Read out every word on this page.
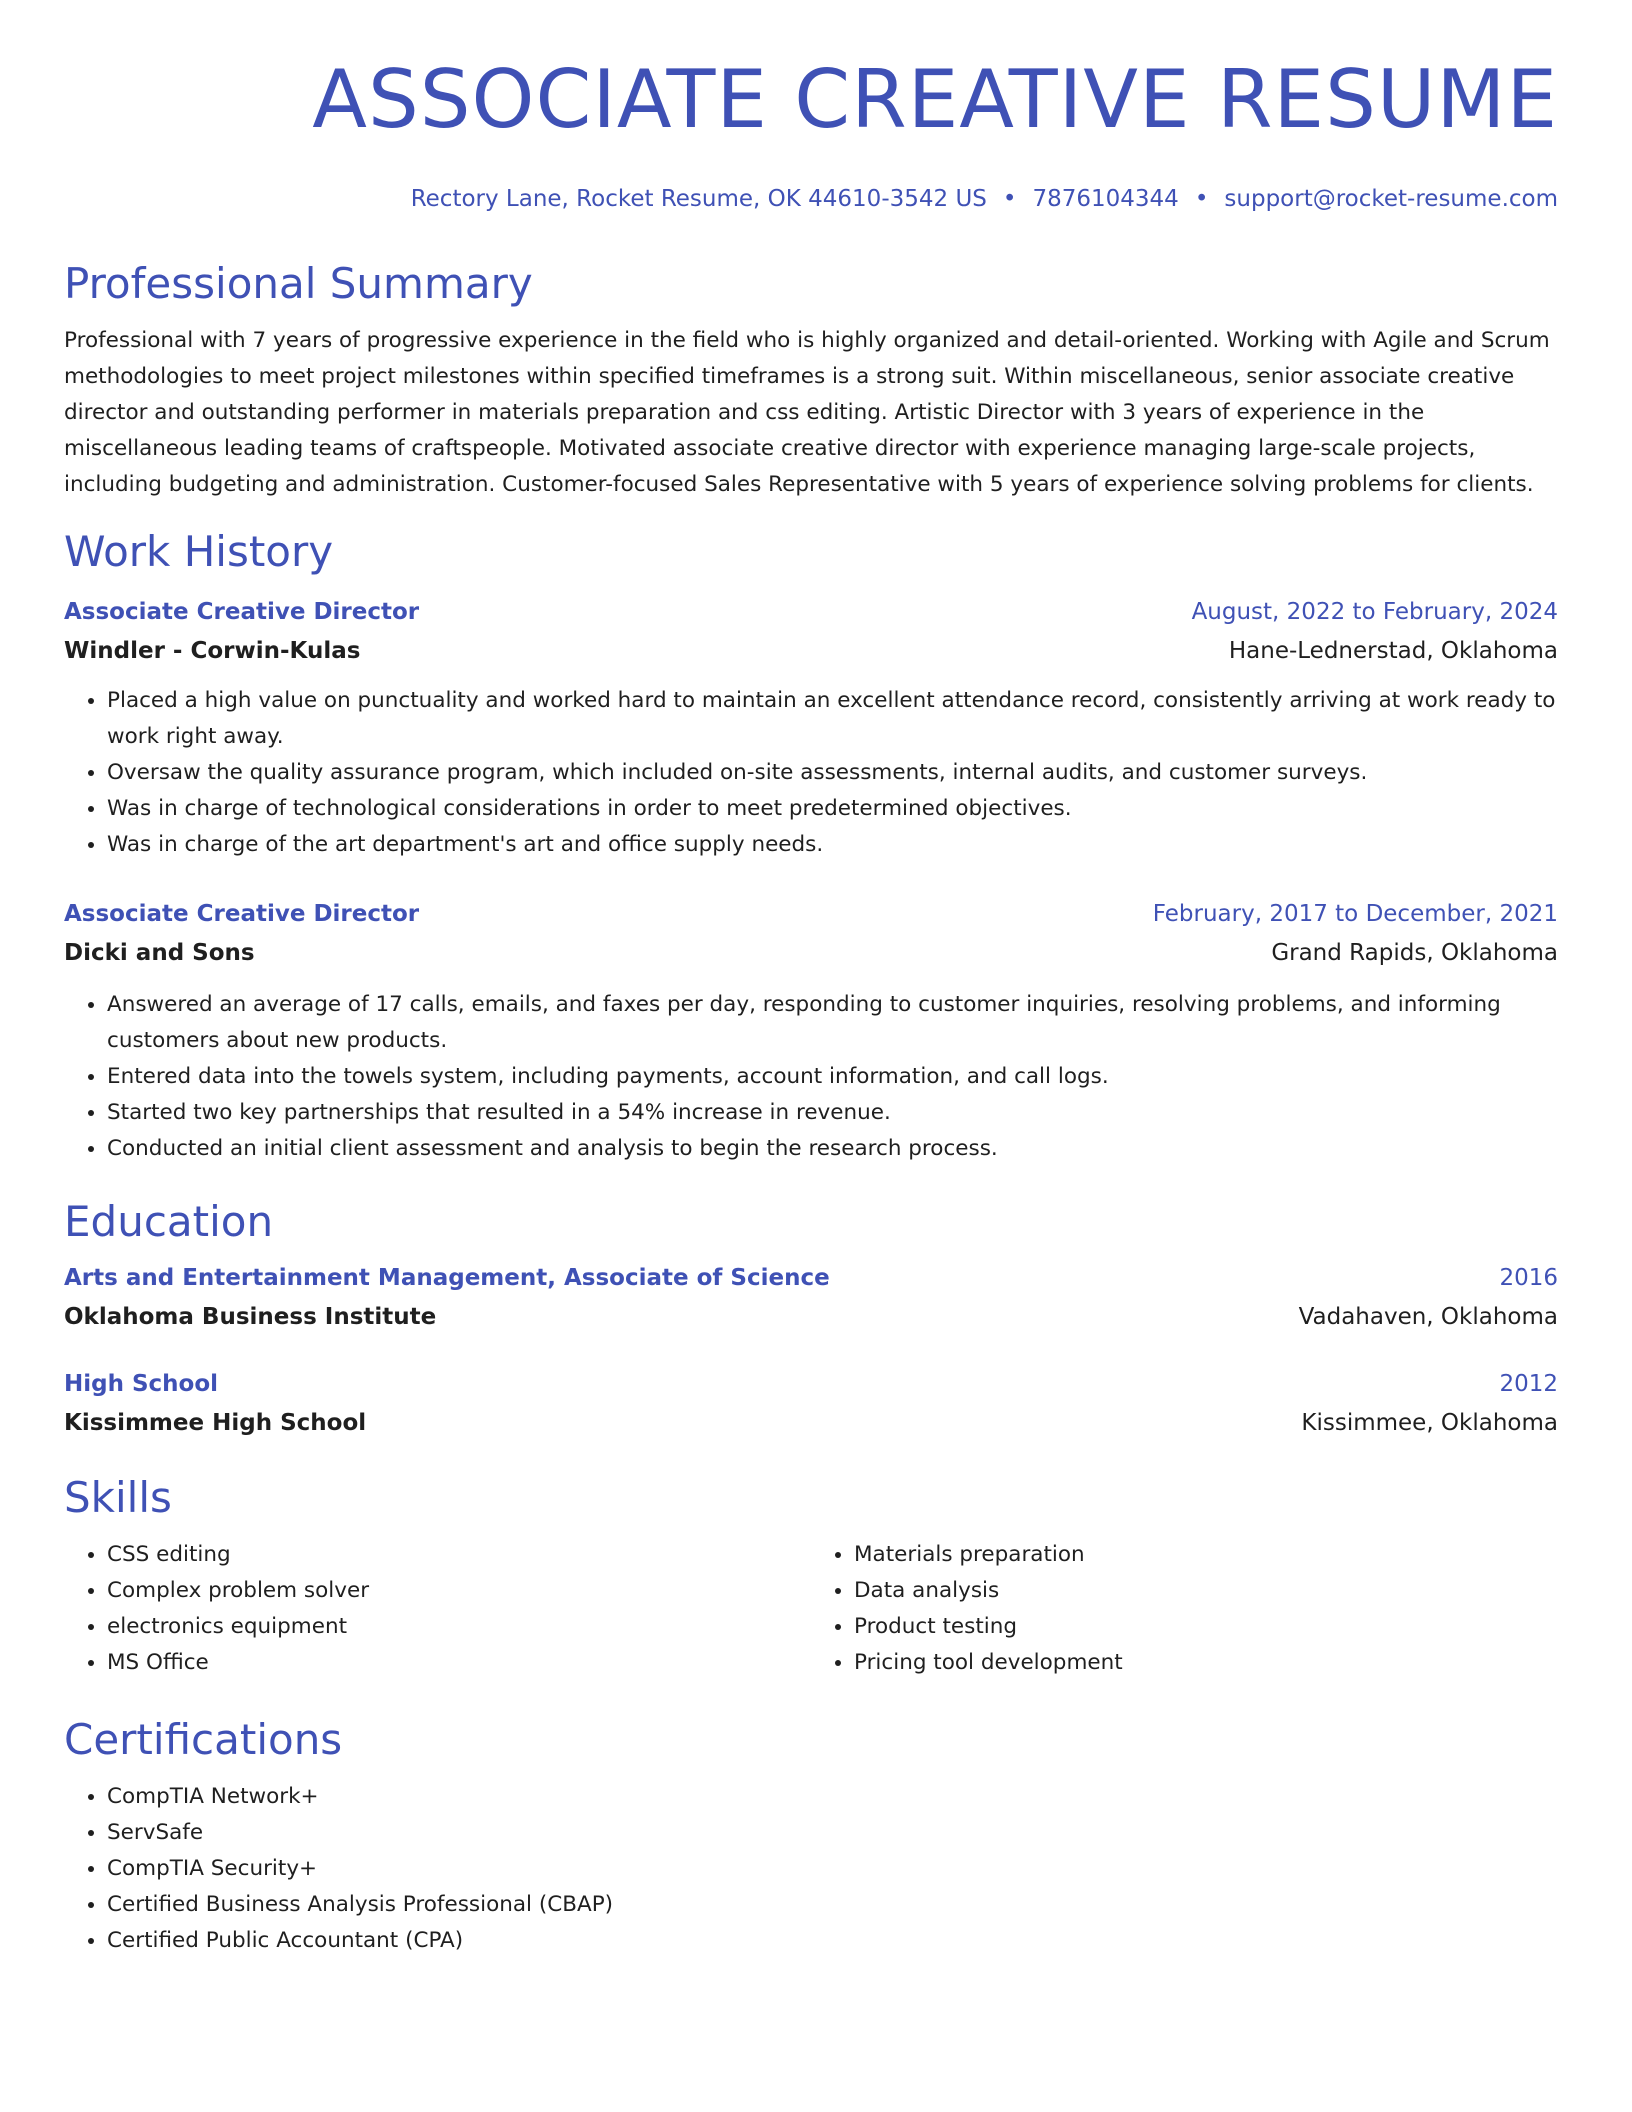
ASSOCIATE CREATIVE RESUME
Rectory Lane, Rocket Resume, OK 44610-3542 US • 7876104344 • support@rocket-resume.com
Professional Summary
Professional with 7 years of progressive experience in the field who is highly organized and detail-oriented. Working with Agile and Scrum methodologies to meet project milestones within specified timeframes is a strong suit. Within miscellaneous, senior associate creative director and outstanding performer in materials preparation and css editing. Artistic Director with 3 years of experience in the miscellaneous leading teams of craftspeople. Motivated associate creative director with experience managing large-scale projects, including budgeting and administration. Customer-focused Sales Representative with 5 years of experience solving problems for clients.
Work History
Associate Creative Director	August, 2022 to February, 2024
Windler - Corwin-Kulas	Hane-Lednerstad, Oklahoma
• Placed a high value on punctuality and worked hard to maintain an excellent attendance record, consistently arriving at work ready to work right away.
• Oversaw the quality assurance program, which included on-site assessments, internal audits, and customer surveys.
• Was in charge of technological considerations in order to meet predetermined objectives.
• Was in charge of the art department's art and office supply needs.
Associate Creative Director	February, 2017 to December, 2021
Dicki and Sons	Grand Rapids, Oklahoma
• Answered an average of 17 calls, emails, and faxes per day, responding to customer inquiries, resolving problems, and informing customers about new products.
• Entered data into the towels system, including payments, account information, and call logs.
• Started two key partnerships that resulted in a 54% increase in revenue.
• Conducted an initial client assessment and analysis to begin the research process.
Education
Arts and Entertainment Management, Associate of Science	2016
Oklahoma Business Institute	Vadahaven, Oklahoma
High School	2012
Kissimmee High School	Kissimmee, Oklahoma
Skills
• CSS editing
• Complex problem solver
• electronics equipment
• MS Office
• Materials preparation
• Data analysis
• Product testing
• Pricing tool development
Certifications
• CompTIA Network+
• ServSafe
• CompTIA Security+
• Certified Business Analysis Professional (CBAP)
• Certified Public Accountant (CPA)
